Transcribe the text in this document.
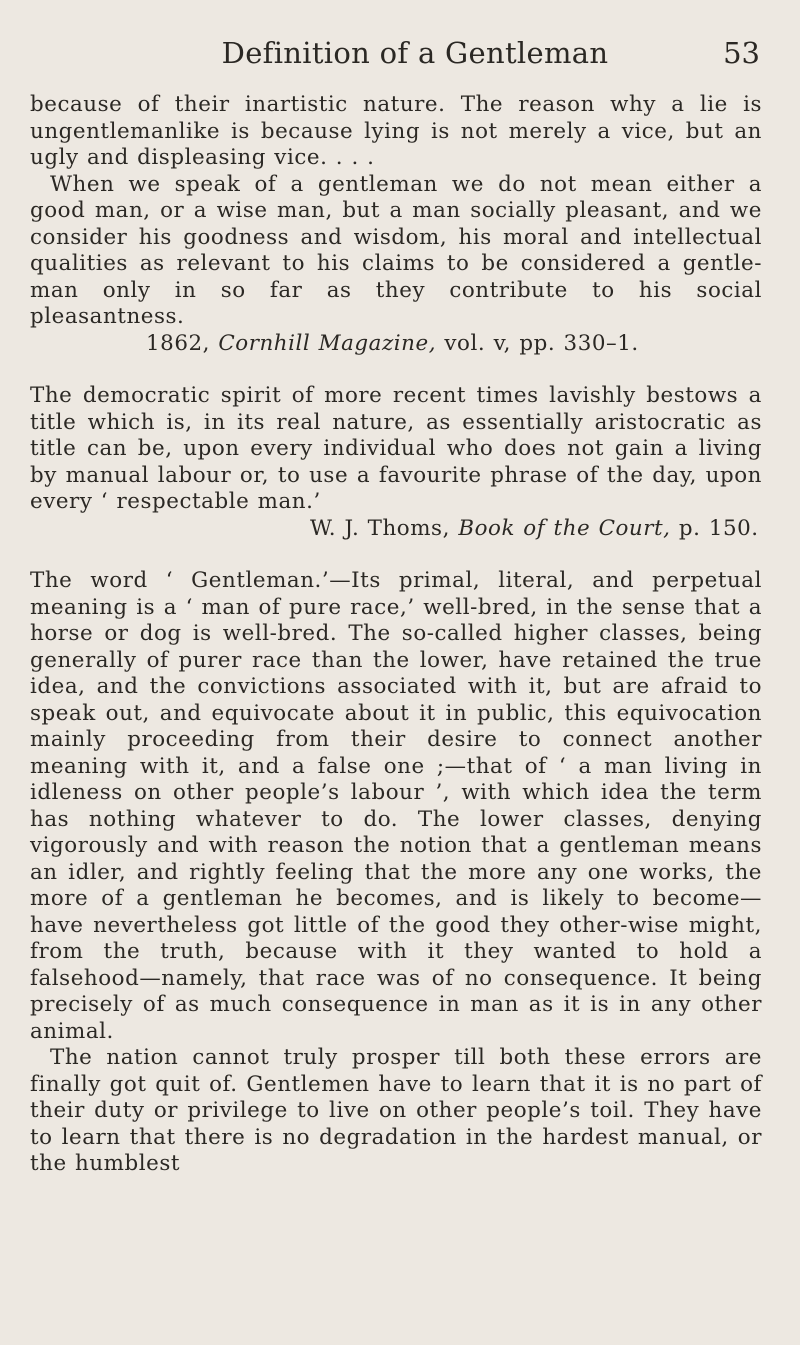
Definition of a Gentleman	53

because of their inartistic nature. The reason why a lie is ungentlemanlike is because lying is not merely a vice, but an ugly and displeasing vice. . . .

When we speak of a gentleman we do not mean either a good man, or a wise man, but a man socially pleasant, and we consider his goodness and wisdom, his moral and intellectual qualities as relevant to his claims to be considered a gentle-man only in so far as they contribute to his social pleasantness.

1862, Cornhill Magazine, vol. v, pp. 330–1.

The democratic spirit of more recent times lavishly bestows a title which is, in its real nature, as essentially aristocratic as title can be, upon every individual who does not gain a living by manual labour or, to use a favourite phrase of the day, upon every ‘ respectable man.’

W. J. Thoms, Book of the Court, p. 150.

The word ‘ Gentleman.’—Its primal, literal, and perpetual meaning is a ‘ man of pure race,’ well-bred, in the sense that a horse or dog is well-bred. The so-called higher classes, being generally of purer race than the lower, have retained the true idea, and the convictions associated with it, but are afraid to speak out, and equivocate about it in public, this equivocation mainly proceeding from their desire to connect another meaning with it, and a false one ;—that of ‘ a man living in idleness on other people’s labour ’, with which idea the term has nothing whatever to do. The lower classes, denying vigorously and with reason the notion that a gentleman means an idler, and rightly feeling that the more any one works, the more of a gentleman he becomes, and is likely to become—have nevertheless got little of the good they other-wise might, from the truth, because with it they wanted to hold a falsehood—namely, that race was of no consequence. It being precisely of as much consequence in man as it is in any other animal.

The nation cannot truly prosper till both these errors are finally got quit of. Gentlemen have to learn that it is no part of their duty or privilege to live on other people’s toil. They have to learn that there is no degradation in the hardest manual, or the humblest
